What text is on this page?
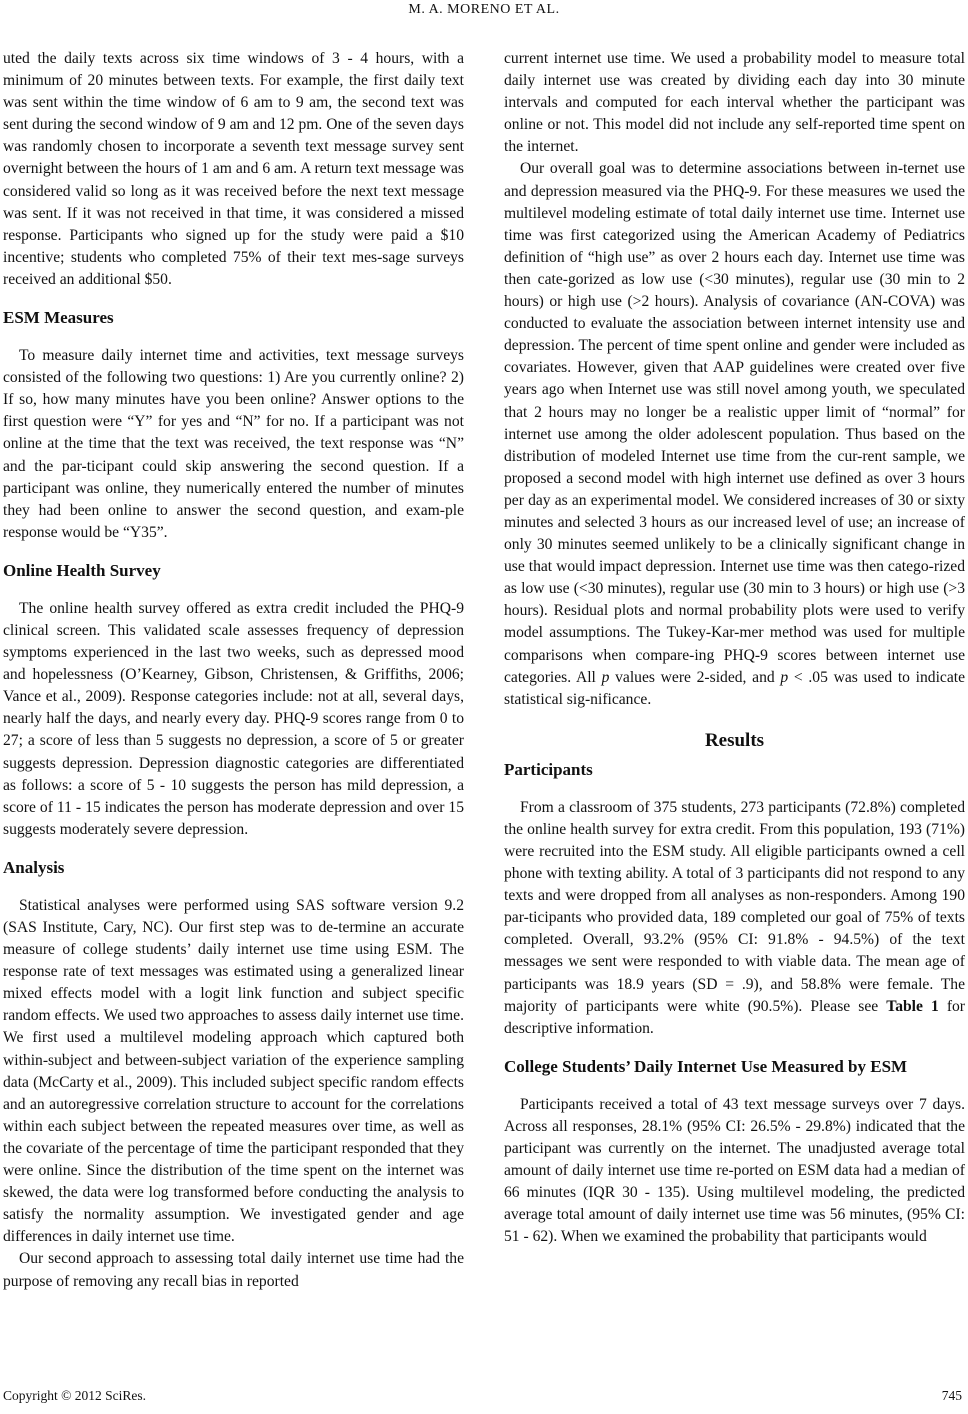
M. A. MORENO ET AL.

uted the daily texts across six time windows of 3 - 4 hours, with a minimum of 20 minutes between texts. For example, the first daily text was sent within the time window of 6 am to 9 am, the second text was sent during the second window of 9 am and 12 pm. One of the seven days was randomly chosen to incorporate a seventh text message survey sent overnight between the hours of 1 am and 6 am. A return text message was considered valid so long as it was received before the next text message was sent. If it was not received in that time, it was considered a missed response. Participants who signed up for the study were paid a $10 incentive; students who completed 75% of their text mes-sage surveys received an additional $50.

ESM Measures

To measure daily internet time and activities, text message surveys consisted of the following two questions: 1) Are you currently online? 2) If so, how many minutes have you been online? Answer options to the first question were “Y” for yes and “N” for no. If a participant was not online at the time that the text was received, the text response was “N” and the par-ticipant could skip answering the second question. If a participant was online, they numerically entered the number of minutes they had been online to answer the second question, and exam-ple response would be “Y35”.

Online Health Survey

The online health survey offered as extra credit included the PHQ-9 clinical screen. This validated scale assesses frequency of depression symptoms experienced in the last two weeks, such as depressed mood and hopelessness (O’Kearney, Gibson, Christensen, & Griffiths, 2006; Vance et al., 2009). Response categories include: not at all, several days, nearly half the days, and nearly every day. PHQ-9 scores range from 0 to 27; a score of less than 5 suggests no depression, a score of 5 or greater suggests depression. Depression diagnostic categories are differentiated as follows: a score of 5 - 10 suggests the person has mild depression, a score of 11 - 15 indicates the person has moderate depression and over 15 suggests moderately severe depression.

Analysis

Statistical analyses were performed using SAS software version 9.2 (SAS Institute, Cary, NC). Our first step was to de-termine an accurate measure of college students’ daily internet use time using ESM. The response rate of text messages was estimated using a generalized linear mixed effects model with a logit link function and subject specific random effects. We used two approaches to assess daily internet use time. We first used a multilevel modeling approach which captured both within-subject and between-subject variation of the experience sampling data (McCarty et al., 2009). This included subject specific random effects and an autoregressive correlation structure to account for the correlations within each subject between the repeated measures over time, as well as the covariate of the percentage of time the participant responded that they were online. Since the distribution of the time spent on the internet was skewed, the data were log transformed before conducting the analysis to satisfy the normality assumption. We investigated gender and age differences in daily internet use time.

Our second approach to assessing total daily internet use time had the purpose of removing any recall bias in reported

current internet use time. We used a probability model to measure total daily internet use was created by dividing each day into 30 minute intervals and computed for each interval whether the participant was online or not. This model did not include any self-reported time spent on the internet.

Our overall goal was to determine associations between in-ternet use and depression measured via the PHQ-9. For these measures we used the multilevel modeling estimate of total daily internet use time. Internet use time was first categorized using the American Academy of Pediatrics definition of “high use” as over 2 hours each day. Internet use time was then cate-gorized as low use (<30 minutes), regular use (30 min to 2 hours) or high use (>2 hours). Analysis of covariance (AN-COVA) was conducted to evaluate the association between internet intensity use and depression. The percent of time spent online and gender were included as covariates. However, given that AAP guidelines were created over five years ago when Internet use was still novel among youth, we speculated that 2 hours may no longer be a realistic upper limit of “normal” for internet use among the older adolescent population. Thus based on the distribution of modeled Internet use time from the cur-rent sample, we proposed a second model with high internet use defined as over 3 hours per day as an experimental model. We considered increases of 30 or sixty minutes and selected 3 hours as our increased level of use; an increase of only 30 minutes seemed unlikely to be a clinically significant change in use that would impact depression. Internet use time was then catego-rized as low use (<30 minutes), regular use (30 min to 3 hours) or high use (>3 hours). Residual plots and normal probability plots were used to verify model assumptions. The Tukey-Kar-mer method was used for multiple comparisons when compare-ing PHQ-9 scores between internet use categories. All p values were 2-sided, and p < .05 was used to indicate statistical sig-nificance.

Results
Participants

From a classroom of 375 students, 273 participants (72.8%) completed the online health survey for extra credit. From this population, 193 (71%) were recruited into the ESM study. All eligible participants owned a cell phone with texting ability. A total of 3 participants did not respond to any texts and were dropped from all analyses as non-responders. Among 190 par-ticipants who provided data, 189 completed our goal of 75% of texts completed. Overall, 93.2% (95% CI: 91.8% - 94.5%) of the text messages we sent were responded to with viable data. The mean age of participants was 18.9 years (SD = .9), and 58.8% were female. The majority of participants were white (90.5%). Please see Table 1 for descriptive information.

College Students’ Daily Internet Use Measured by ESM

Participants received a total of 43 text message surveys over 7 days. Across all responses, 28.1% (95% CI: 26.5% - 29.8%) indicated that the participant was currently on the internet. The unadjusted average total amount of daily internet use time re-ported on ESM data had a median of 66 minutes (IQR 30 - 135). Using multilevel modeling, the predicted average total amount of daily internet use time was 56 minutes, (95% CI: 51 - 62). When we examined the probability that participants would

Copyright © 2012 SciRes.	745
